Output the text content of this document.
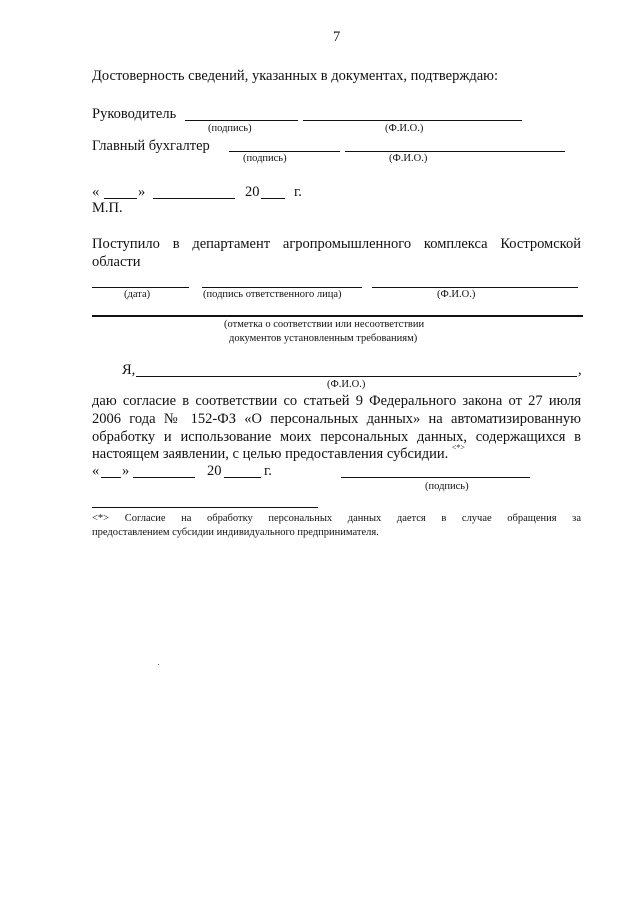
7
Достоверность сведений, указанных в документах, подтверждаю:
Руководитель
(подпись)	(Ф.И.О.)
Главный бухгалтер
(подпись)	(Ф.И.О.)
«	»	20 г.
М.П.
Поступило в департамент агропромышленного комплекса Костромской
области
(дата)	(подпись ответственного лица)	(Ф.И.О.)
(отметка о соответствии или несоответствии
документов установленным требованиям)
Я,	,
(Ф.И.О.)
даю согласие в соответствии со статьей 9 Федерального закона от 27 июля
2006 года № 152-ФЗ «О персональных данных» на автоматизированную
обработку и использование моих персональных данных, содержащихся в
настоящем заявлении, с целью предоставления субсидии. <*>
« »	20	г.
(подпись)
<*> Согласие на обработку персональных данных дается в случае обращения за
предоставлением субсидии индивидуального предпринимателя.
